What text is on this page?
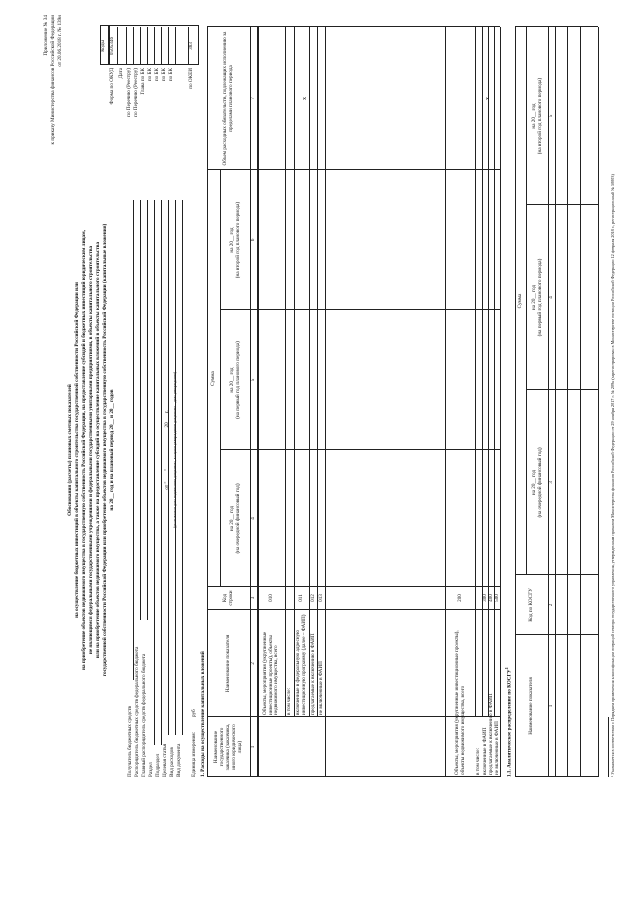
Приложение № 34 к приказу Министерства финансов Российской Федерации от 20.06.2018 г. № 139н
Обоснования (расчеты) плановых сметных показателей на осуществление бюджетных инвестиций в объекты капитального строительства государственной собственности Российской Федерации или на приобретение объектов недвижимого имущества в государственную собственность Российской Федерации, на предоставление субсидий и бюджетных инвестиций юридическим лицам, не являющимся федеральными государственными учреждениями и федеральными государственными унитарными предприятиями, в объекты капитального строительства или на приобретение объектов недвижимого имущества, а также на предоставление субсидий на осуществление капитальных вложений в объекты капитального строительства государственной собственности Российской Федерации или приобретение объектов недвижимого имущества в государственную собственность Российской Федерации (капитальные вложения) на 20__ год и на плановый период 20__ и 20__ годов	от "____" _______________ 20___ г. (указывается дата подписания документа, в случае утверждения документа – дата утверждения)
Получатель бюджетных средств Распорядитель бюджетных средств федерального бюджета Главный распорядитель средств федерального бюджета Раздел Подраздел Целевая статья Вид расходов Вид документа Единица измерения:
руб
Коды
Форма по ОКУД
0505346
Дата по Перечню (Реестру) по Перечню (Реестру) Глава по БК по БК по БК по БК по БК	по ОКЕИ
383
1. Расходы на осуществление капитальных вложений Наименование государственного заказчика (заказчика, иного юридического лица)
Наименование показателя
Код строки
Сумма
на 20__ год (на очередной финансовый год)
на 20__ год (на первый год планового периода)
на 20__ год (на второй год планового периода)
Объем расходных обязательств, подлежащих исполнению за пределами планового периода
1
2
3
4
5
6
7
Объекты, мероприятия (укрупненные инвестиционные проекты), объекты недвижимого имущества, всего
010
в том числе: включенные в федеральную адресную инвестиционную программу (далее – ФАИП)
011
предлагаемые к включению в ФАИП
012
не включенные в ФАИП
013
х
Объекты, мероприятия (укрупненные инвестиционные проекты), объекты недвижимого имущества, всего
200
в том числе: включенные в ФАИП
300
предлагаемые к включению в ФАИП
400
не включенные в ФАИП
500
х
1.1. Аналитическое распределение по КОСГУ$^1$
Наименование показателя
Код по КОСГУ
Сумма
на 20__ год (на очередной финансовый год)
на 20__ год (на первый год планового периода)
на 20__ год (на второй год планового периода)
1
2
3
4
5
¹ Указывается в соответствии с Порядком применения классификации операций сектора государственного управления, утвержденным приказом Министерства финансов Российской Федерации от 29 ноября 2017 г. № 209н (зарегистрирован в Министерстве юстиции Российской Федерации 12 февраля 2018 г., регистрационный № 50003)
